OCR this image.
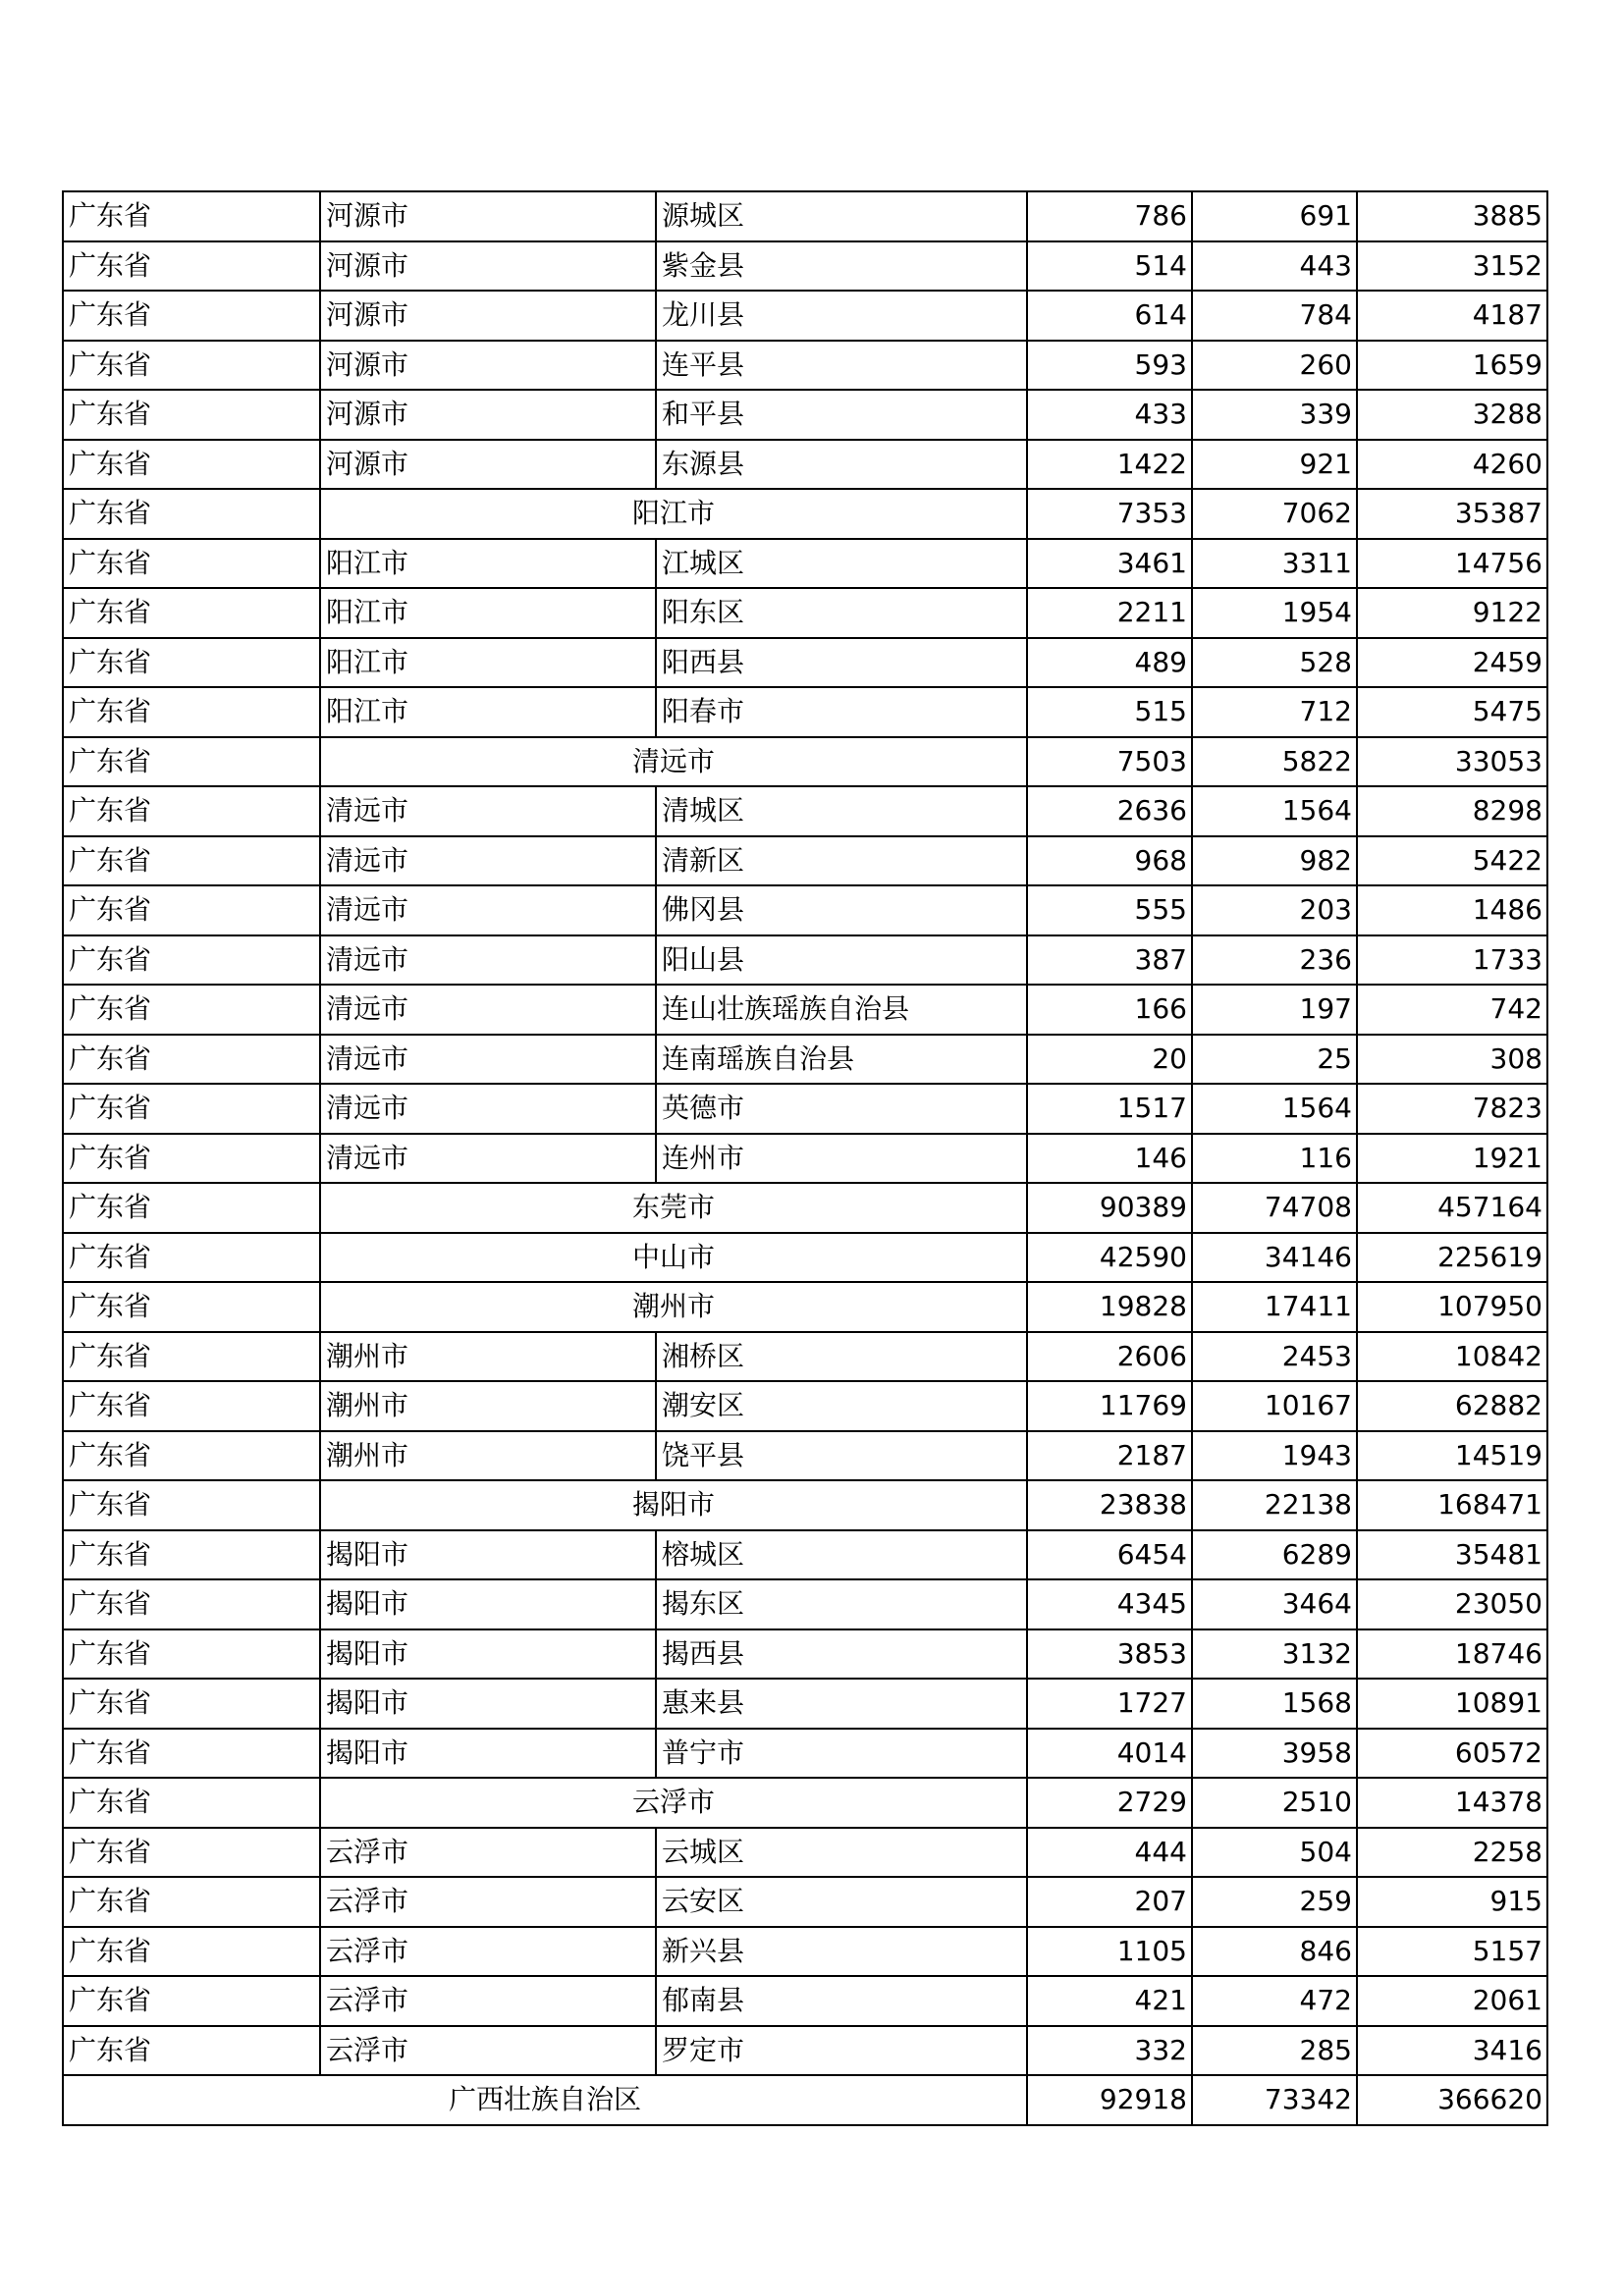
广东省	河源市	源城区	786	691	3885
广东省	河源市	紫金县	514	443	3152
广东省	河源市	龙川县	614	784	4187
广东省	河源市	连平县	593	260	1659
广东省	河源市	和平县	433	339	3288
广东省	河源市	东源县	1422	921	4260
广东省	阳江市		7353	7062	35387
广东省	阳江市	江城区	3461	3311	14756
广东省	阳江市	阳东区	2211	1954	9122
广东省	阳江市	阳西县	489	528	2459
广东省	阳江市	阳春市	515	712	5475
广东省	清远市		7503	5822	33053
广东省	清远市	清城区	2636	1564	8298
广东省	清远市	清新区	968	982	5422
广东省	清远市	佛冈县	555	203	1486
广东省	清远市	阳山县	387	236	1733
广东省	清远市	连山壮族瑶族自治县	166	197	742
广东省	清远市	连南瑶族自治县	20	25	308
广东省	清远市	英德市	1517	1564	7823
广东省	清远市	连州市	146	116	1921
广东省	东莞市		90389	74708	457164
广东省	中山市		42590	34146	225619
广东省	潮州市		19828	17411	107950
广东省	潮州市	湘桥区	2606	2453	10842
广东省	潮州市	潮安区	11769	10167	62882
广东省	潮州市	饶平县	2187	1943	14519
广东省	揭阳市		23838	22138	168471
广东省	揭阳市	榕城区	6454	6289	35481
广东省	揭阳市	揭东区	4345	3464	23050
广东省	揭阳市	揭西县	3853	3132	18746
广东省	揭阳市	惠来县	1727	1568	10891
广东省	揭阳市	普宁市	4014	3958	60572
广东省	云浮市		2729	2510	14378
广东省	云浮市	云城区	444	504	2258
广东省	云浮市	云安区	207	259	915
广东省	云浮市	新兴县	1105	846	5157
广东省	云浮市	郁南县	421	472	2061
广东省	云浮市	罗定市	332	285	3416
广西壮族自治区			92918	73342	366620
